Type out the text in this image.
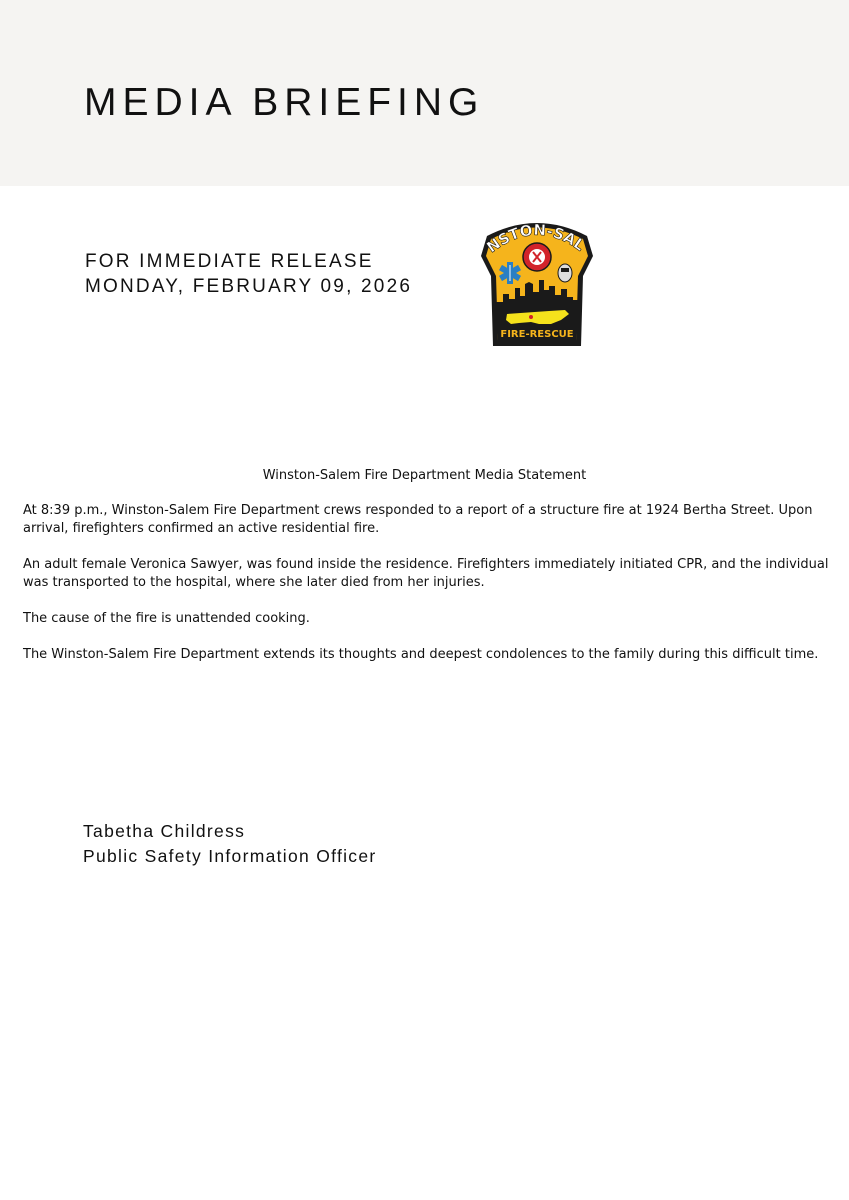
MEDIA BRIEFING
FOR IMMEDIATE RELEASE
MONDAY, FEBRUARY 09, 2026
NSTON-SAL
FIRE-RESCUE
Winston-Salem Fire Department Media Statement

At 8:39 p.m., Winston-Salem Fire Department crews responded to a report of a structure fire at 1924 Bertha Street. Upon arrival, firefighters confirmed an active residential fire.

An adult female Veronica Sawyer, was found inside the residence. Firefighters immediately initiated CPR, and the individual was transported to the hospital, where she later died from her injuries.

The cause of the fire is unattended cooking.

The Winston-Salem Fire Department extends its thoughts and deepest condolences to the family during this difficult time.

Tabetha Childress
Public Safety Information Officer
